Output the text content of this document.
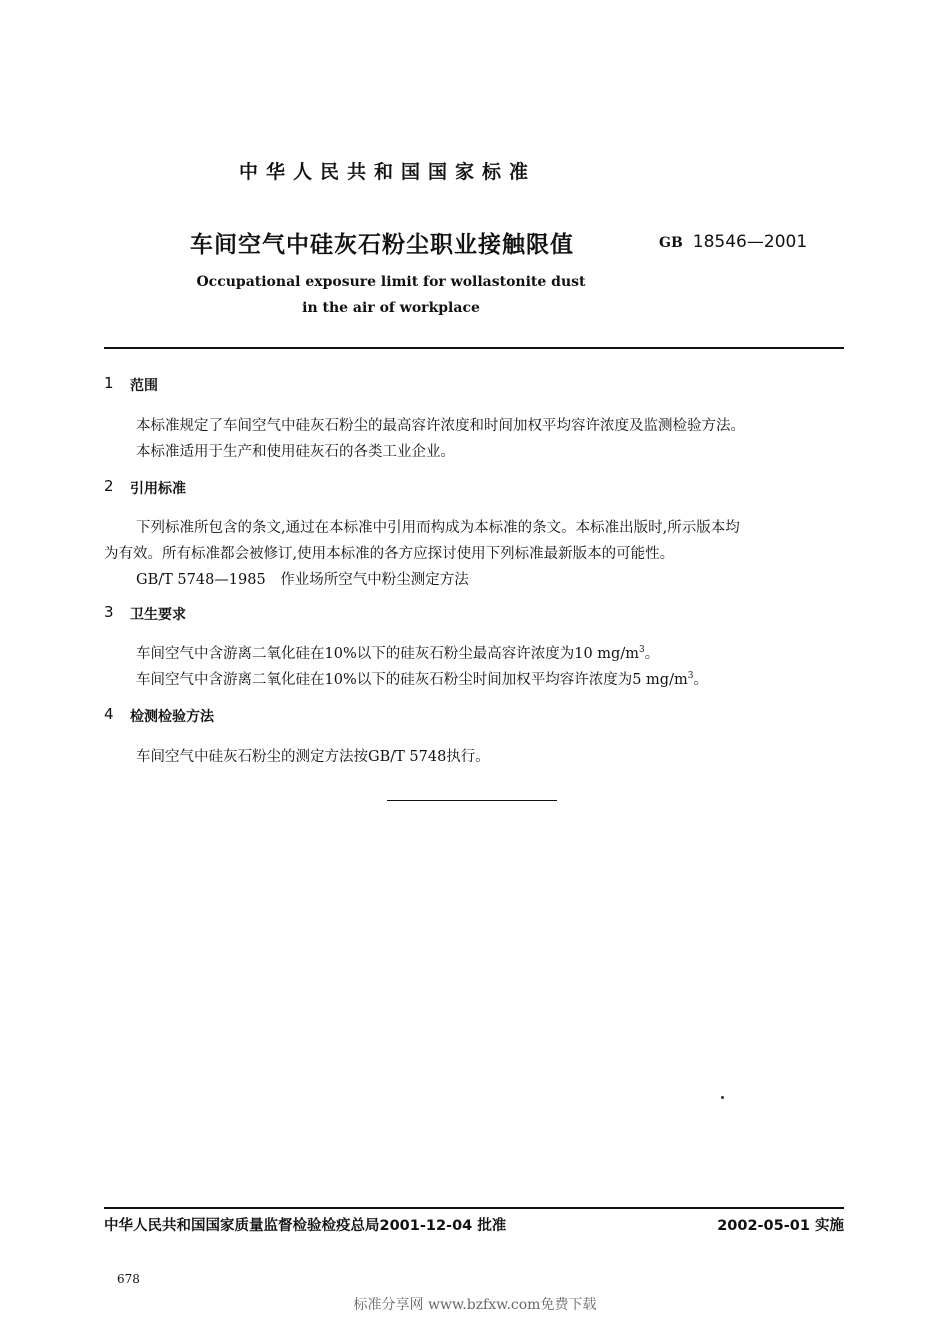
中华人民共和国国家标准
车间空气中硅灰石粉尘职业接触限值	GB 18546—2001
Occupational exposure limit for wollastonite dust
in the air of workplace
1 范围
本标准规定了车间空气中硅灰石粉尘的最高容许浓度和时间加权平均容许浓度及监测检验方法。
本标准适用于生产和使用硅灰石的各类工业企业。
2 引用标准
下列标准所包含的条文,通过在本标准中引用而构成为本标准的条文。本标准出版时,所示版本均
为有效。所有标准都会被修订,使用本标准的各方应探讨使用下列标准最新版本的可能性。
GB/T 5748—1985　作业场所空气中粉尘测定方法
3 卫生要求
车间空气中含游离二氧化硅在10%以下的硅灰石粉尘最高容许浓度为10 $mg/m^3$。
车间空气中含游离二氧化硅在10%以下的硅灰石粉尘时间加权平均容许浓度为5 $mg/m^3$。
4 检测检验方法
车间空气中硅灰石粉尘的测定方法按GB/T 5748执行。
中华人民共和国国家质量监督检验检疫总局2001-12-04 批准	2002-05-01 实施
678
标准分享网 www.bzfxw.com免费下载
